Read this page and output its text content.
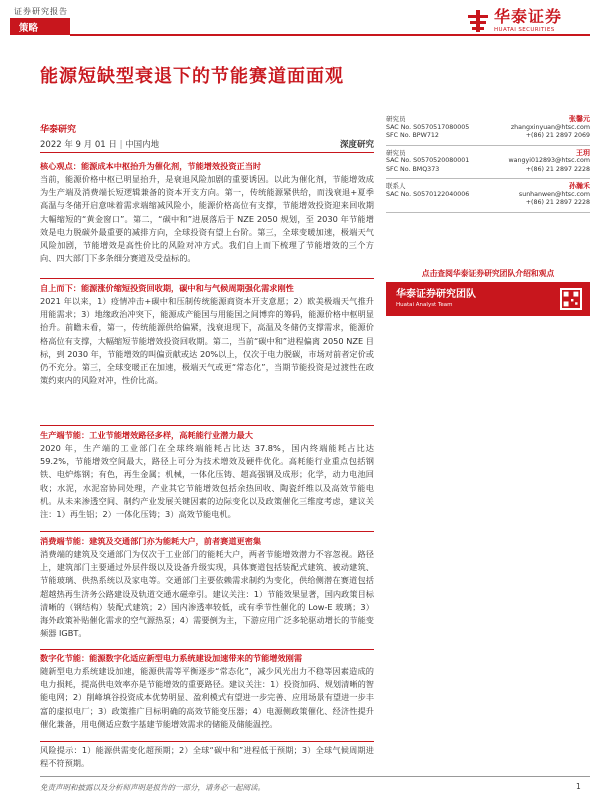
证券研究报告
策略
华泰证券
HUATAI SECURITIES
能源短缺型衰退下的节能赛道面面观
华泰研究
2022 年 9 月 01 日 | 中国内地	深度研究
核心观点：能源成本中枢抬升为催化剂，节能增效投资正当时
当前，能源价格中枢已明显抬升，是衰退风险加剧的重要诱因。以此为催化剂，节能增效成为生产端及消费端长短逻辑兼备的资本开支方向。第一，传统能源紧供给，而浅衰退+夏季高温与冬储开启意味着需求端缩减风险小，能源价格高位有支撑，节能增效投资迎来回收期大幅缩短的“黄金窗口”。第二，“碳中和”进展落后于 NZE 2050 规划，至 2030 年节能增效是电力脱碳外最重要的减排方向，全球投资有望上台阶。第三，全球变暖加速，极端天气风险加剧，节能增效是高性价比的风险对冲方式。我们自上而下梳理了节能增效的三个方向、四大部门下多条细分赛道及受益标的。
自上而下：能源涨价缩短投资回收期，碳中和与气候周期强化需求刚性
2021 年以来，1）疫情冲击+碳中和压制传统能源商资本开支意愿；2）欧美极端天气推升用能需求；3）地缘政治冲突下，能源成产能国与用能国之间博弈的筹码，能源价格中枢明显抬升。前瞻未看，第一，传统能源供给偏紧，浅衰退现下，高温及冬储仍支撑需求，能源价格高位有支撑，大幅缩短节能增效投资回收期。第二，当前“碳中和”进程偏离 2050 NZE 目标，到 2030 年，节能增效的叫偏贡献或达 20%以上，仅次于电力脱碳，市场对前者定价或仍不充分。第三，全球变暖正在加速，极端天气或更“常态化”，当期节能投资是过渡性在政策约束内的风险对冲，性价比高。
生产端节能：工业节能增效路径多样，高耗能行业潜力最大
2020 年，生产端的工业部门在全球终端能耗占比达 37.8%，国内终端能耗占比达 59.2%，节能增效空间最大，路径上可分为技术增效及硬件优化。高耗能行业重点包括钢铁、电炉炼钢；有色，再生金属；机械，一体化压铸、超高强钢及成形；化学，动力电池回收；水泥，水泥窑协同处理，产业其它节能增效包括余热回收、陶瓷纤维以及高效节能电机。从未来渗透空间、制约产业发展关键因素的边际变化以及政策催化三维度考虑，建议关注：1）再生铝；2）一体化压铸；3）高效节能电机。
消费端节能：建筑及交通部门亦为能耗大户，前者赛道更密集
消费端的建筑及交通部门为仅次于工业部门的能耗大户，两者节能增效潜力不容忽视。路径上，建筑部门主要通过外层件级以及设备升级实现，具体赛道包括装配式建筑、被动建筑、节能玻璃、供热系统以及家电等。交通部门主要依赖需求制约为变化，供给侧潜在赛道包括超越热再生济务公路建设及轨道交通水磁牵引。建议关注：1）节能效果显著，国内政策目标清晰的（钢结构）装配式建筑；2）国内渗透率较低，或有季节性催化的 Low-E 玻璃；3）海外政策补贴催化需求的空气源热泵；4）需要倒为主，下游应用广泛多轮驱动增长的节能变频器 IGBT。
数字化节能：能源数字化适应新型电力系统建设加速带来的节能增效刚需
随新型电力系统建设加速，能源供需等平衡逐步“常态化”，减少风光出力不稳等因素造成的电力损耗，提高供电效率亦是节能增效的重要路径。建议关注：1）投资加码、规划清晰的智能电网；2）削峰填谷投资成本优势明显、盈利模式有望进一步完善、应用场景有望进一步丰富的虚拟电厂；3）政策推广目标明确的高效节能变压器；4）电源侧政策催化、经济性提升催化兼备，用电侧适应数字基建节能增效需求的储能及储能温控。
风险提示：1）能源供需变化超预期；2）全球“碳中和”进程低于预期；3）全球气候周期进程不符预期。
研究员	张馨元
SAC No. S0570517080005	zhangxinyuan@htsc.com
SFC No. BPW712	+(86) 21 2897 2069
研究员	王玥
SAC No. S0570520080001	wangyi012893@htsc.com
SFC No. BMQ373	+(86) 21 2897 2228
联系人	孙瀚禾
SAC No. S0570122040006	sunhanwen@htsc.com
+(86) 21 2897 2228
点击查阅华泰证券研究团队介绍和观点
华泰证券研究团队
Huatai Analyst Team
免责声明和披露以及分析师声明是报告的一部分，请务必一起阅读。	1
